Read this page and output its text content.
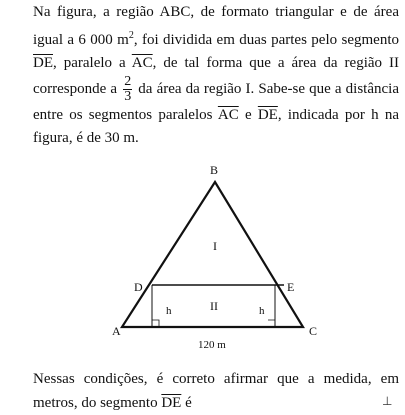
Na figura, a região ABC, de formato triangular e de área igual a 6 000 $m^2$, foi dividida em duas partes pelo segmento $\overline{DE}$, paralelo a $\overline{AC}$, de tal forma que a área da região II corresponde a $\frac{2}{3}$ da área da região I. Sabe-se que a distância entre os segmentos paralelos $\overline{AC}$ e $\overline{DE}$, indicada por h na figura, é de 30 m.

B
A	C
D	E
I
II
h	h
120 m

Nessas condições, é correto afirmar que a medida, em metros, do segmento $\overline{DE}$ é	⊥
